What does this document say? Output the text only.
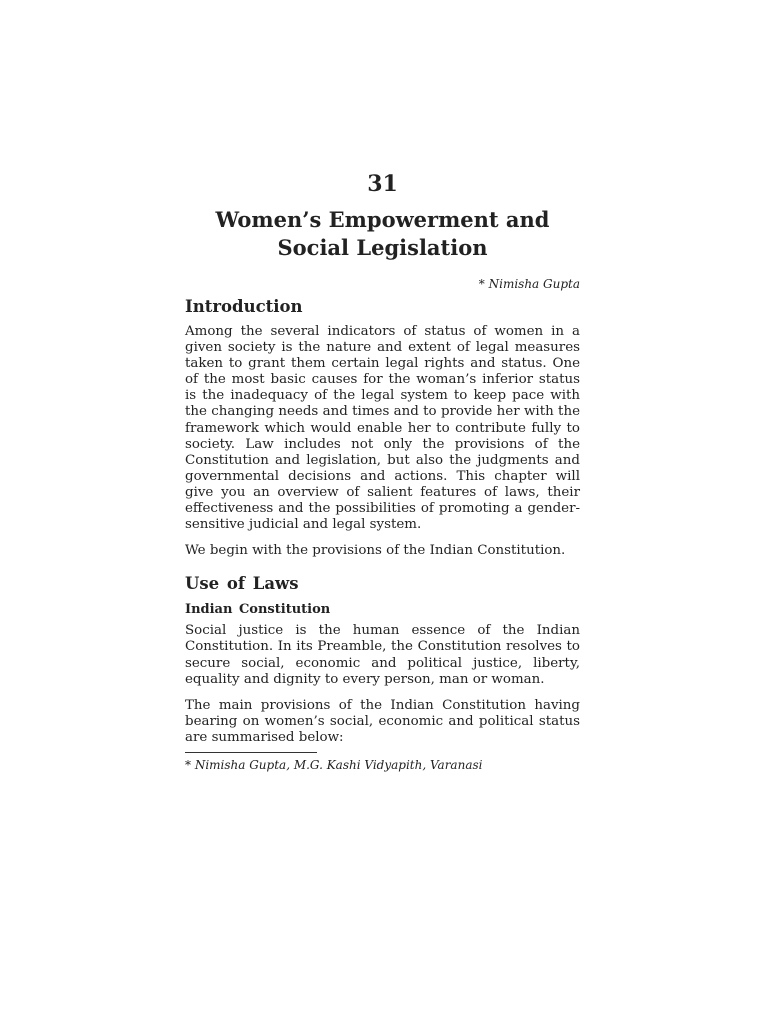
31
Women’s Empowerment and
Social Legislation
* Nimisha Gupta
Introduction

Among the several indicators of status of women in a given society is the nature and extent of legal measures taken to grant them certain legal rights and status. One of the most basic causes for the woman’s inferior status is the inadequacy of the legal system to keep pace with the changing needs and times and to provide her with the framework which would enable her to contribute fully to society. Law includes not only the provisions of the Constitution and legislation, but also the judgments and governmental decisions and actions. This chapter will give you an overview of salient features of laws, their effectiveness and the possibilities of promoting a gender- sensitive judicial and legal system.

We begin with the provisions of the Indian Constitution.

Use of Laws
Indian Constitution

Social justice is the human essence of the Indian Constitution. In its Preamble, the Constitution resolves to secure social, economic and political justice, liberty, equality and dignity to every person, man or woman.

The main provisions of the Indian Constitution having bearing on women’s social, economic and political status are summarised below:

* Nimisha Gupta, M.G. Kashi Vidyapith, Varanasi
